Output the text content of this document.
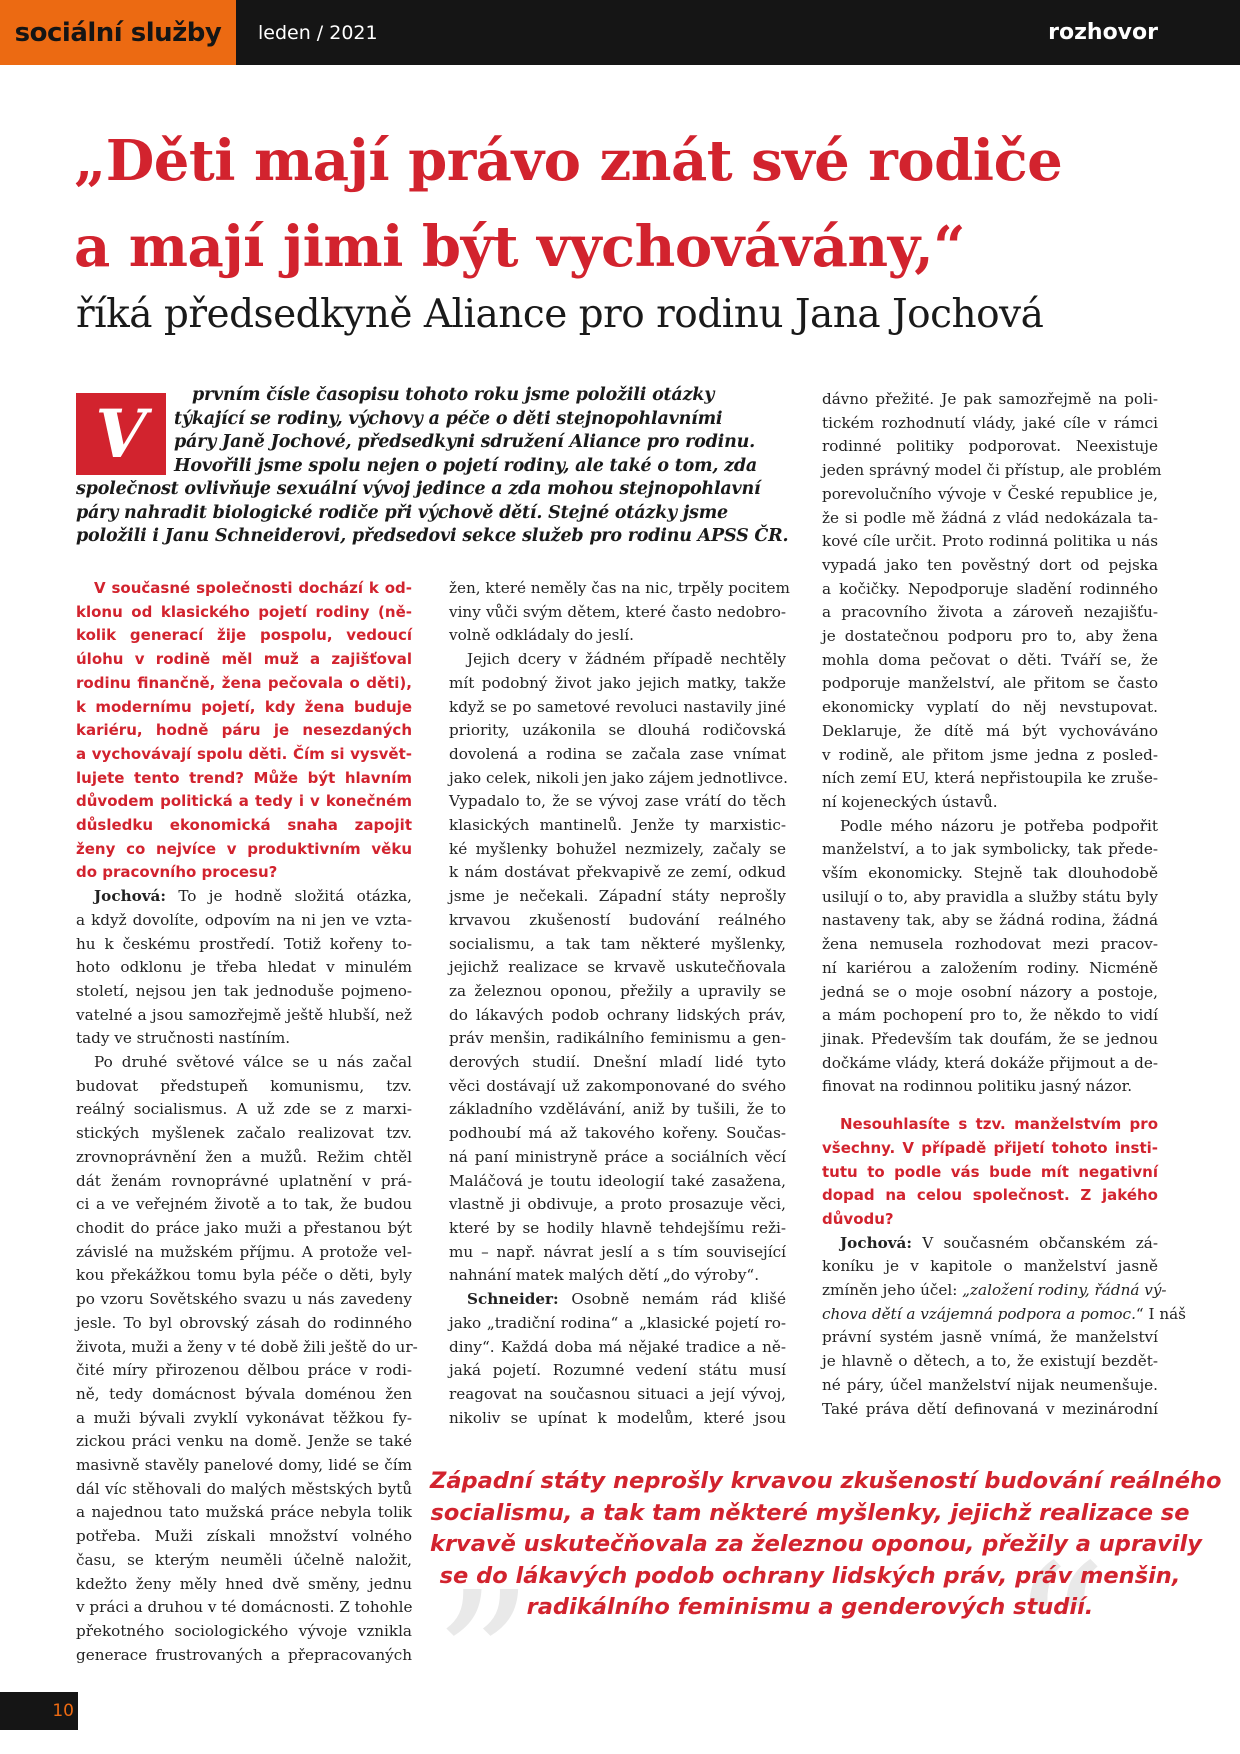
sociální služby leden / 2021	rozhovor
„Děti mají právo znát své rodiče
a mají jimi být vychovávány,“
říká předsedkyně Aliance pro rodinu Jana Jochová
V	prvním čísle časopisu tohoto roku jsme položili otázky
týkající se rodiny, výchovy a péče o děti stejnopohlavními
páry Janě Jochové, předsedkyni sdružení Aliance pro rodinu.
Hovořili jsme spolu nejen o pojetí rodiny, ale také o tom, zda
společnost ovlivňuje sexuální vývoj jedince a zda mohou stejnopohlavní
páry nahradit biologické rodiče při výchově dětí. Stejné otázky jsme
položili i Janu Schneiderovi, předsedovi sekce služeb pro rodinu APSS ČR.
V současné společnosti dochází k od-
klonu od klasického pojetí rodiny (ně-
kolik generací žije pospolu, vedoucí
úlohu v rodině měl muž a zajišťoval
rodinu finančně, žena pečovala o děti),
k modernímu pojetí, kdy žena buduje
kariéru, hodně páru je nesezdaných
a vychovávají spolu děti. Čím si vysvět-
lujete tento trend? Může být hlavním
důvodem politická a tedy i v konečném
důsledku ekonomická snaha zapojit
ženy co nejvíce v produktivním věku
do pracovního procesu?
Jochová: To je hodně složitá otázka,
a když dovolíte, odpovím na ni jen ve vzta-
hu k českému prostředí. Totiž kořeny to-
hoto odklonu je třeba hledat v minulém
století, nejsou jen tak jednoduše pojmeno-
vatelné a jsou samozřejmě ještě hlubší, než
tady ve stručnosti nastíním.
Po druhé světové válce se u nás začal
budovat předstupeň komunismu, tzv.
reálný socialismus. A už zde se z marxi-
stických myšlenek začalo realizovat tzv.
zrovnoprávnění žen a mužů. Režim chtěl
dát ženám rovnoprávné uplatnění v prá-
ci a ve veřejném životě a to tak, že budou
chodit do práce jako muži a přestanou být
závislé na mužském příjmu. A protože vel-
kou překážkou tomu byla péče o děti, byly
po vzoru Sovětského svazu u nás zavedeny
jesle. To byl obrovský zásah do rodinného
života, muži a ženy v té době žili ještě do ur-
čité míry přirozenou dělbou práce v rodi-
ně, tedy domácnost bývala doménou žen
a muži bývali zvyklí vykonávat těžkou fy-
zickou práci venku na domě. Jenže se také
masivně stavěly panelové domy, lidé se čím
dál víc stěhovali do malých městských bytů
a najednou tato mužská práce nebyla tolik
potřeba. Muži získali množství volného
času, se kterým neuměli účelně naložit,
kdežto ženy měly hned dvě směny, jednu
v práci a druhou v té domácnosti. Z tohohle
překotného sociologického vývoje vznikla
generace frustrovaných a přepracovaných
žen, které neměly čas na nic, trpěly pocitem
viny vůči svým dětem, které často nedobro-
volně odkládaly do jeslí.
Jejich dcery v žádném případě nechtěly
mít podobný život jako jejich matky, takže
když se po sametové revoluci nastavily jiné
priority, uzákonila se dlouhá rodičovská
dovolená a rodina se začala zase vnímat
jako celek, nikoli jen jako zájem jednotlivce.
Vypadalo to, že se vývoj zase vrátí do těch
klasických mantinelů. Jenže ty marxistic-
ké myšlenky bohužel nezmizely, začaly se
k nám dostávat překvapivě ze zemí, odkud
jsme je nečekali. Západní státy neprošly
krvavou zkušeností budování reálného
socialismu, a tak tam některé myšlenky,
jejichž realizace se krvavě uskutečňovala
za železnou oponou, přežily a upravily se
do lákavých podob ochrany lidských práv,
práv menšin, radikálního feminismu a gen-
derových studií. Dnešní mladí lidé tyto
věci dostávají už zakomponované do svého
základního vzdělávání, aniž by tušili, že to
podhoubí má až takového kořeny. Součas-
ná paní ministryně práce a sociálních věcí
Maláčová je toutu ideologií také zasažena,
vlastně ji obdivuje, a proto prosazuje věci,
které by se hodily hlavně tehdejšímu reži-
mu – např. návrat jeslí a s tím související
nahnání matek malých dětí „do výroby“.
Schneider: Osobně nemám rád klišé
jako „tradiční rodina“ a „klasické pojetí ro-
diny“. Každá doba má nějaké tradice a ně-
jaká pojetí. Rozumné vedení státu musí
reagovat na současnou situaci a její vývoj,
nikoliv se upínat k modelům, které jsou
dávno přežité. Je pak samozřejmě na poli-
tickém rozhodnutí vlády, jaké cíle v rámci
rodinné politiky podporovat. Neexistuje
jeden správný model či přístup, ale problém
porevolučního vývoje v České republice je,
že si podle mě žádná z vlád nedokázala ta-
kové cíle určit. Proto rodinná politika u nás
vypadá jako ten pověstný dort od pejska
a kočičky. Nepodporuje sladění rodinného
a pracovního života a zároveň nezajišťu-
je dostatečnou podporu pro to, aby žena
mohla doma pečovat o děti. Tváří se, že
podporuje manželství, ale přitom se často
ekonomicky vyplatí do něj nevstupovat.
Deklaruje, že dítě má být vychováváno
v rodině, ale přitom jsme jedna z posled-
ních zemí EU, která nepřistoupila ke zruše-
ní kojeneckých ústavů.
Podle mého názoru je potřeba podpořit
manželství, a to jak symbolicky, tak přede-
vším ekonomicky. Stejně tak dlouhodobě
usilují o to, aby pravidla a služby státu byly
nastaveny tak, aby se žádná rodina, žádná
žena nemusela rozhodovat mezi pracov-
ní kariérou a založením rodiny. Nicméně
jedná se o moje osobní názory a postoje,
a mám pochopení pro to, že někdo to vidí
jinak. Především tak doufám, že se jednou
dočkáme vlády, která dokáže přijmout a de-
finovat na rodinnou politiku jasný názor.
Nesouhlasíte s tzv. manželstvím pro
všechny. V případě přijetí tohoto insti-
tutu to podle vás bude mít negativní
dopad na celou společnost. Z jakého
důvodu?
Jochová: V současném občanském zá-
koníku je v kapitole o manželství jasně
zmíněn jeho účel: „založení rodiny, řádná vý-
chova dětí a vzájemná podpora a pomoc.“ I náš
právní systém jasně vnímá, že manželství
je hlavně o dětech, a to, že existují bezdět-
né páry, účel manželství nijak neumenšuje.
Také práva dětí definovaná v mezinárodní
„ “
Západní státy neprošly krvavou zkušeností budování reálného
socialismu, a tak tam některé myšlenky, jejichž realizace se
krvavě uskutečňovala za železnou oponou, přežily a upravily
se do lákavých podob ochrany lidských práv, práv menšin,
radikálního feminismu a genderových studií.
10
